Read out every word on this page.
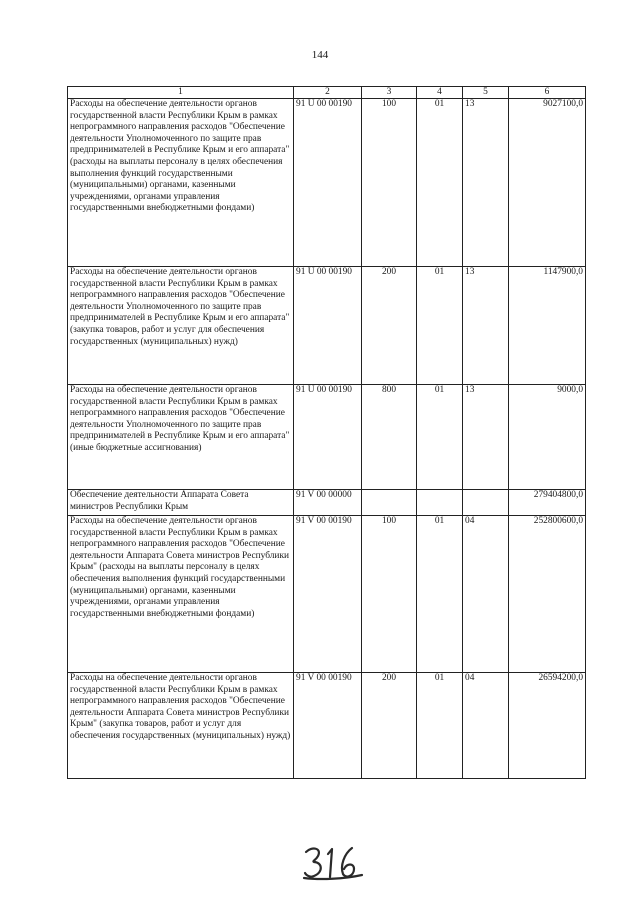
144
1	2	3	4	5	6
Расходы на обеспечение деятельности органов государственной власти Республики Крым в рамках непрограммного направления расходов "Обеспечение деятельности Уполномоченного по защите прав предпринимателей в Республике Крым и его аппарата" (расходы на выплаты персоналу в целях обеспечения выполнения функций государственными (муниципальными) органами, казенными учреждениями, органами управления государственными внебюджетными фондами)	91 U 00 00190	100	01	13	9027100,0
Расходы на обеспечение деятельности органов государственной власти Республики Крым в рамках непрограммного направления расходов "Обеспечение деятельности Уполномоченного по защите прав предпринимателей в Республике Крым и его аппарата" (закупка товаров, работ и услуг для обеспечения государственных (муниципальных) нужд)	91 U 00 00190	200	01	13	1147900,0
Расходы на обеспечение деятельности органов государственной власти Республики Крым в рамках непрограммного направления расходов "Обеспечение деятельности Уполномоченного по защите прав предпринимателей в Республике Крым и его аппарата" (иные бюджетные ассигнования)	91 U 00 00190	800	01	13	9000,0
Обеспечение деятельности Аппарата Совета министров Республики Крым	91 V 00 00000				279404800,0
Расходы на обеспечение деятельности органов государственной власти Республики Крым в рамках непрограммного направления расходов "Обеспечение деятельности Аппарата Совета министров Республики Крым" (расходы на выплаты персоналу в целях обеспечения выполнения функций государственными (муниципальными) органами, казенными учреждениями, органами управления государственными внебюджетными фондами)	91 V 00 00190	100	01	04	252800600,0
Расходы на обеспечение деятельности органов государственной власти Республики Крым в рамках непрограммного направления расходов "Обеспечение деятельности Аппарата Совета министров Республики Крым" (закупка товаров, работ и услуг для обеспечения государственных (муниципальных) нужд)	91 V 00 00190	200	01	04	26594200,0
